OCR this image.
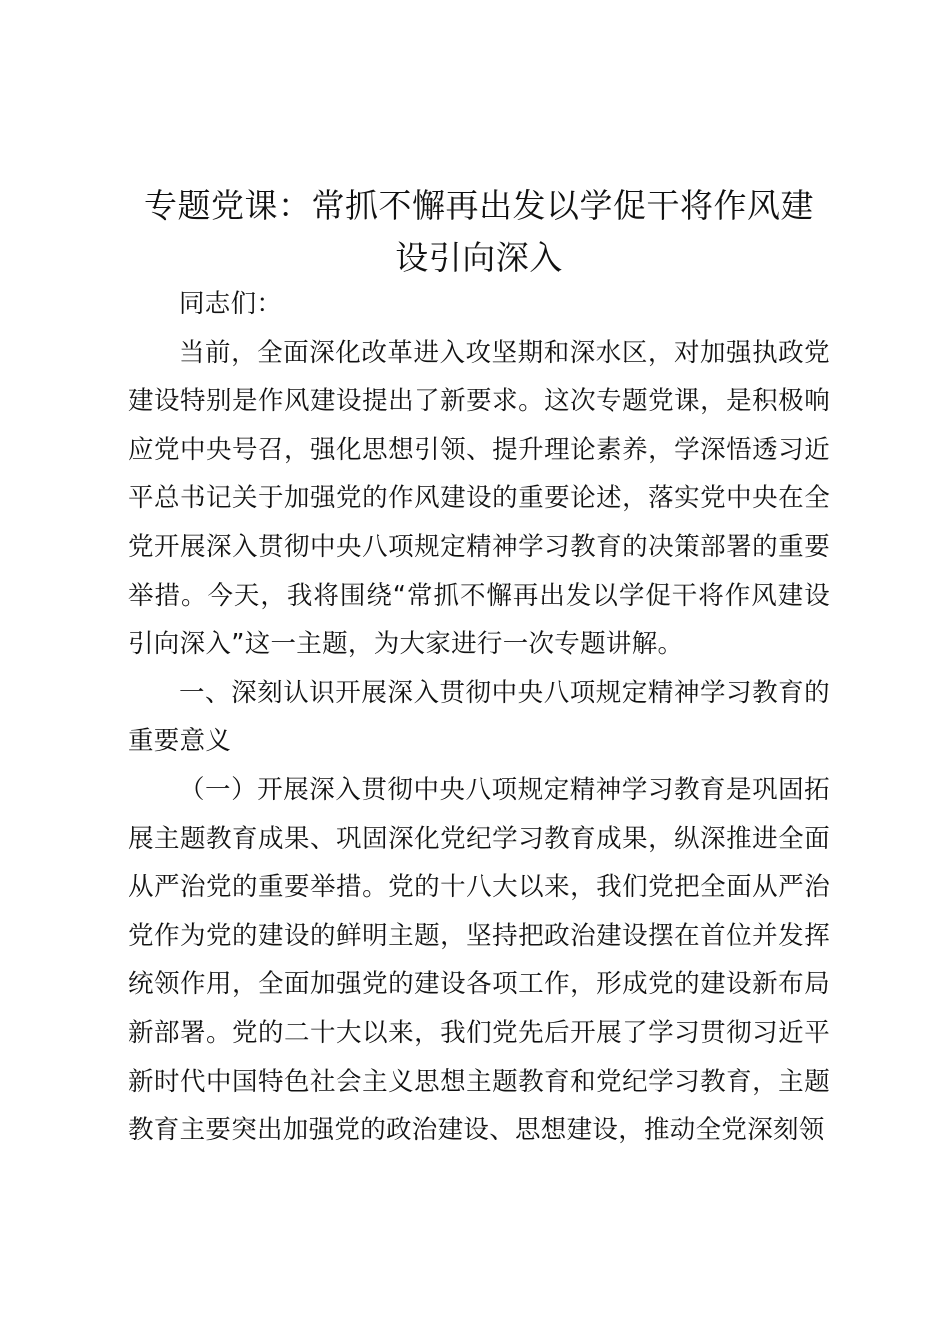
专题党课：常抓不懈再出发以学促干将作风建设引向深入

同志们：

当前，全面深化改革进入攻坚期和深水区，对加强执政党建设特别是作风建设提出了新要求。这次专题党课，是积极响应党中央号召，强化思想引领、提升理论素养，学深悟透习近平总书记关于加强党的作风建设的重要论述，落实党中央在全党开展深入贯彻中央八项规定精神学习教育的决策部署的重要举措。今天，我将围绕“常抓不懈再出发以学促干将作风建设引向深入”这一主题，为大家进行一次专题讲解。

一、深刻认识开展深入贯彻中央八项规定精神学习教育的重要意义

（一）开展深入贯彻中央八项规定精神学习教育是巩固拓展主题教育成果、巩固深化党纪学习教育成果，纵深推进全面从严治党的重要举措。党的十八大以来，我们党把全面从严治党作为党的建设的鲜明主题，坚持把政治建设摆在首位并发挥统领作用，全面加强党的建设各项工作，形成党的建设新布局新部署。党的二十大以来，我们党先后开展了学习贯彻习近平新时代中国特色社会主义思想主题教育和党纪学习教育，主题教育主要突出加强党的政治建设、思想建设，推动全党深刻领
